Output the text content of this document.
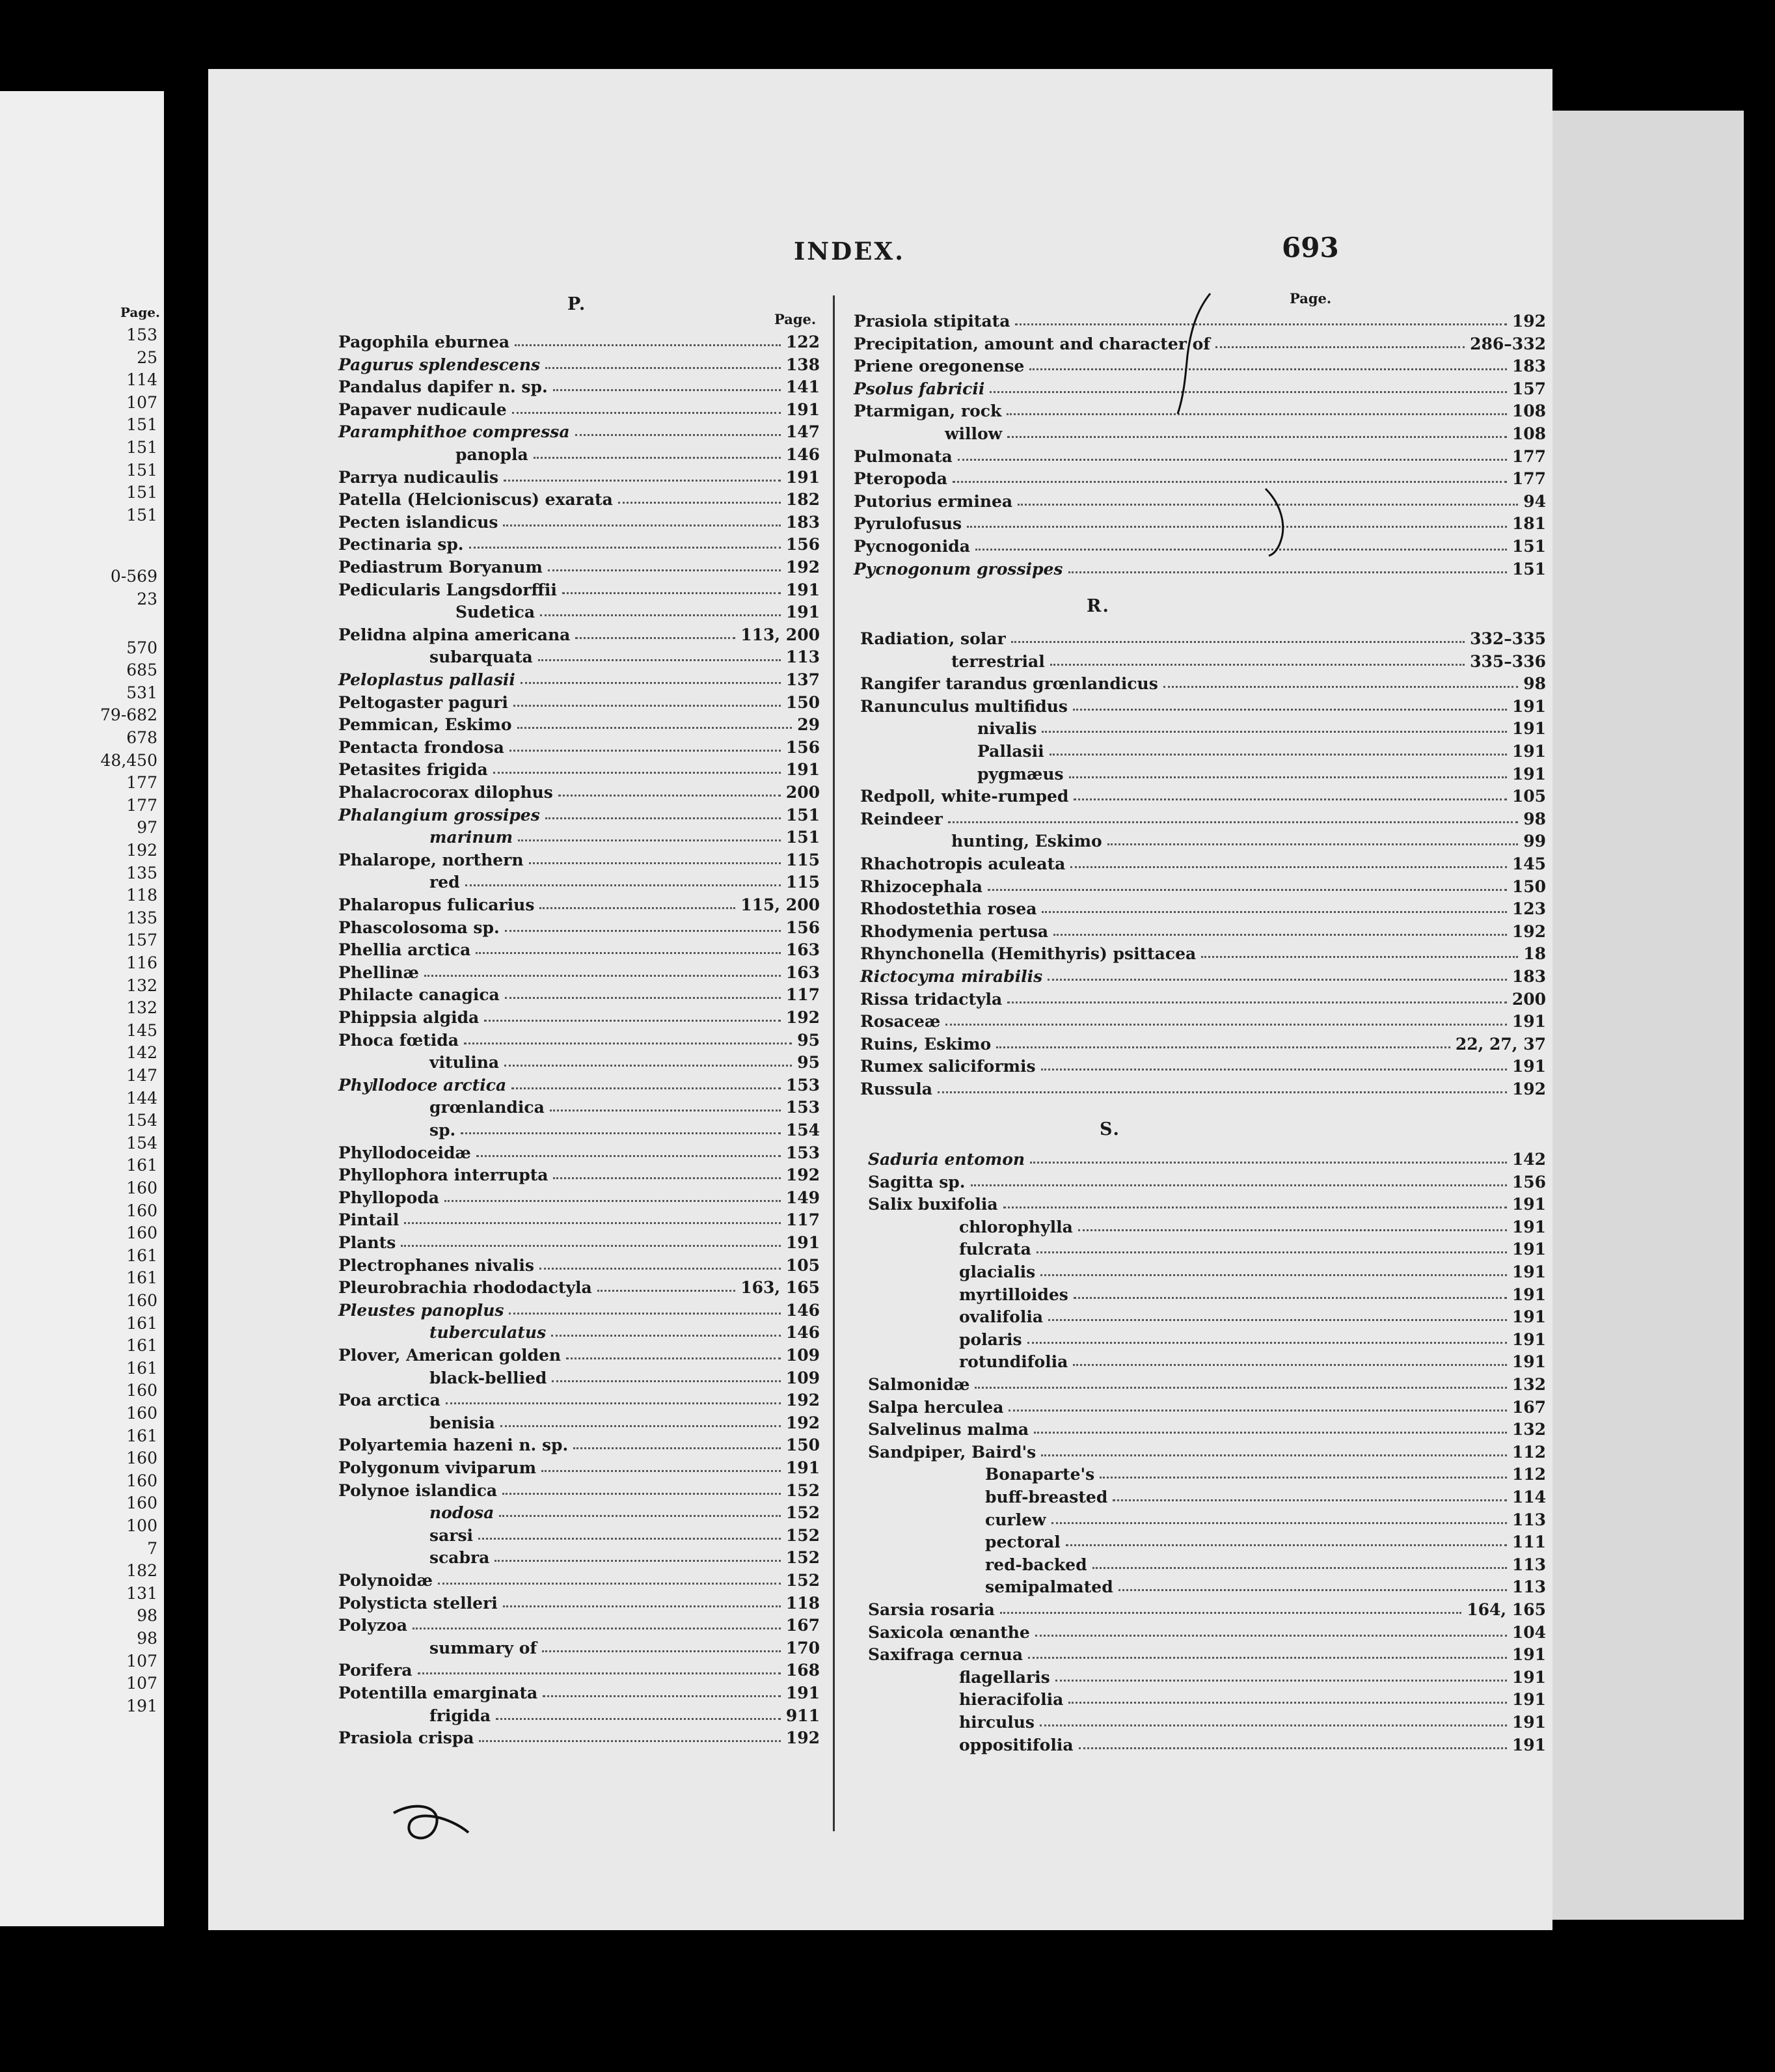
Page.
153
25
114
107
151
151
151
151
151
0-569
23
570
685
531
79-682
678
48,450
177
177
97
192
135
118
135
157
116
132
132
145
142
147
144
154
154
161
160
160
160
161
161
160
161
161
161
160
160
161
160
160
160
100
7
182
131
98
98
107
107
191
INDEX.	693
P.
Page.
Page.
Pagophila eburnea	122
Pagurus splendescens	138
Pandalus dapifer n. sp.	141
Papaver nudicaule	191
Paramphithoe compressa	147
panopla	146
Parrya nudicaulis	191
Patella (Helcioniscus) exarata	182
Pecten islandicus	183
Pectinaria sp.	156
Pediastrum Boryanum	192
Pedicularis Langsdorffii	191
Sudetica	191
Pelidna alpina americana	113, 200
subarquata	113
Peloplastus pallasii	137
Peltogaster paguri	150
Pemmican, Eskimo	29
Pentacta frondosa	156
Petasites frigida	191
Phalacrocorax dilophus	200
Phalangium grossipes	151
marinum	151
Phalarope, northern	115
red	115
Phalaropus fulicarius	115, 200
Phascolosoma sp.	156
Phellia arctica	163
Phellinæ	163
Philacte canagica	117
Phippsia algida	192
Phoca fœtida	95
vitulina	95
Phyllodoce arctica	153
grœnlandica	153
sp.	154
Phyllodoceidæ	153
Phyllophora interrupta	192
Phyllopoda	149
Pintail	117
Plants	191
Plectrophanes nivalis	105
Pleurobrachia rhododactyla	163, 165
Pleustes panoplus	146
tuberculatus	146
Plover, American golden	109
black-bellied	109
Poa arctica	192
benisia	192
Polyartemia hazeni n. sp.	150
Polygonum viviparum	191
Polynoe islandica	152
nodosa	152
sarsi	152
scabra	152
Polynoidæ	152
Polysticta stelleri	118
Polyzoa	167
summary of	170
Porifera	168
Potentilla emarginata	191
frigida	911
Prasiola crispa	192
Prasiola stipitata	192
Precipitation, amount and character of	286–332
Priene oregonense	183
Psolus fabricii	157
Ptarmigan, rock	108
willow	108
Pulmonata	177
Pteropoda	177
Putorius erminea	94
Pyrulofusus	181
Pycnogonida	151
Pycnogonum grossipes	151
R.
Radiation, solar	332–335
terrestrial	335–336
Rangifer tarandus grœnlandicus	98
Ranunculus multifidus	191
nivalis	191
Pallasii	191
pygmæus	191
Redpoll, white-rumped	105
Reindeer	98
hunting, Eskimo	99
Rhachotropis aculeata	145
Rhizocephala	150
Rhodostethia rosea	123
Rhodymenia pertusa	192
Rhynchonella (Hemithyris) psittacea	18
Rictocyma mirabilis	183
Rissa tridactyla	200
Rosaceæ	191
Ruins, Eskimo	22, 27, 37
Rumex saliciformis	191
Russula	192
S.
Saduria entomon	142
Sagitta sp.	156
Salix buxifolia	191
chlorophylla	191
fulcrata	191
glacialis	191
myrtilloides	191
ovalifolia	191
polaris	191
rotundifolia	191
Salmonidæ	132
Salpa herculea	167
Salvelinus malma	132
Sandpiper, Baird's	112
Bonaparte's	112
buff-breasted	114
curlew	113
pectoral	111
red-backed	113
semipalmated	113
Sarsia rosaria	164, 165
Saxicola œnanthe	104
Saxifraga cernua	191
flagellaris	191
hieracifolia	191
hirculus	191
oppositifolia	191
